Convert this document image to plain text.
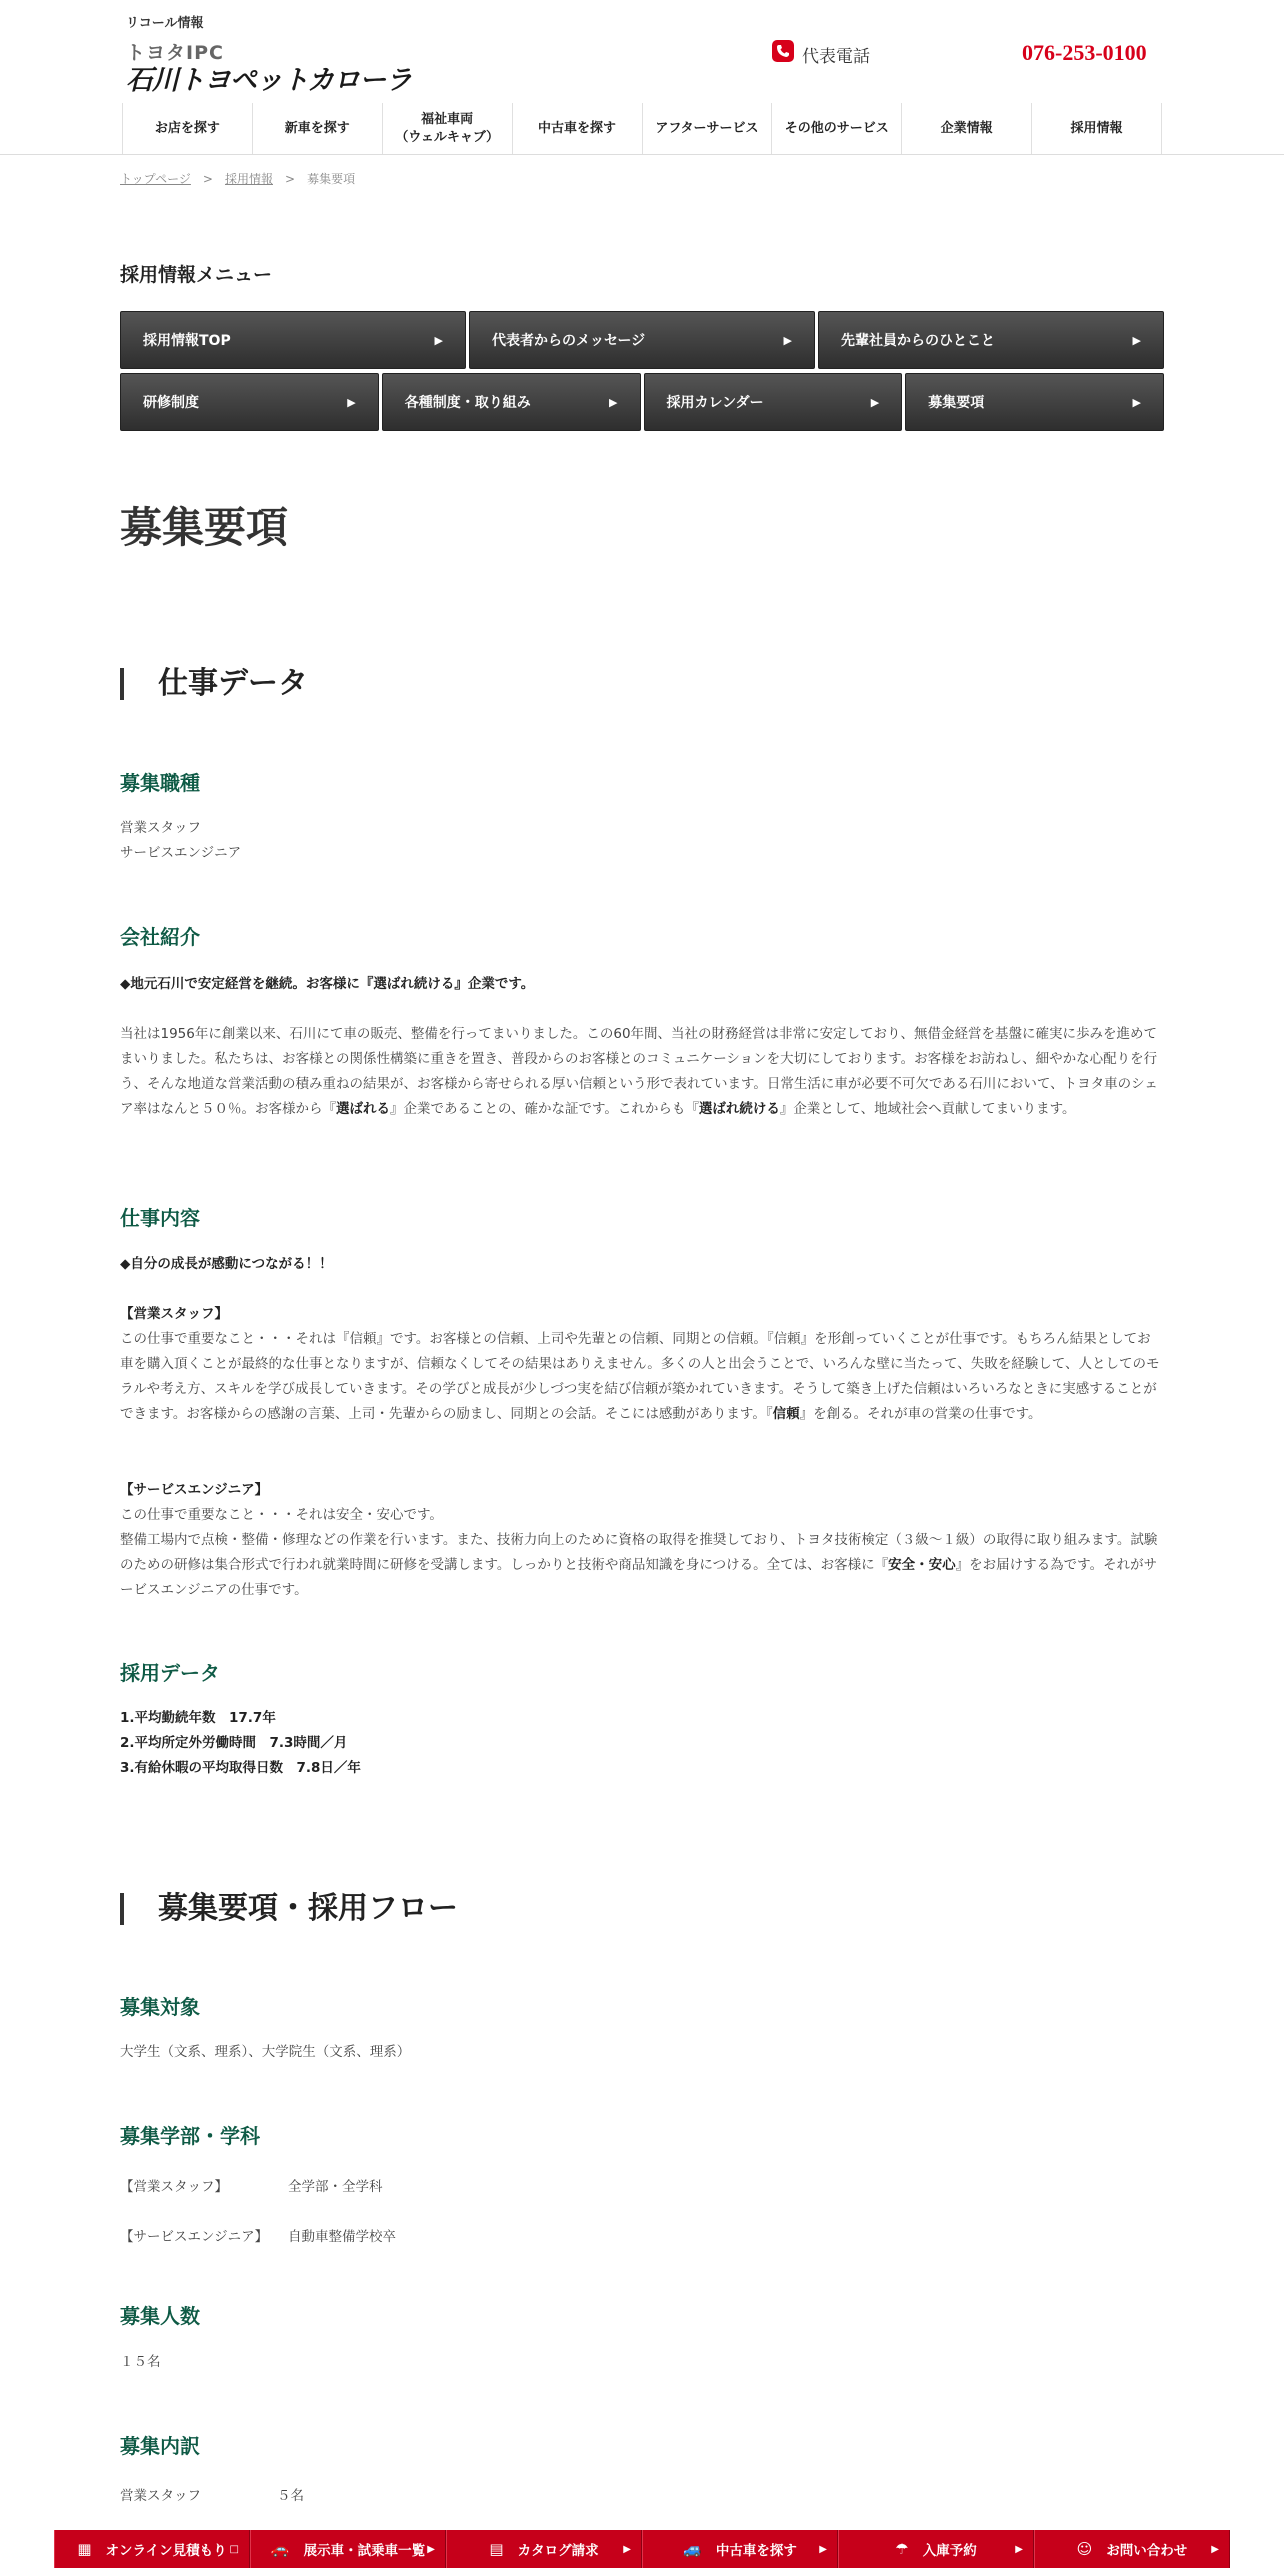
リコール情報
トヨタIPC
石川トヨペットカローラ
代表電話	076-253-0100
お店を探す	新車を探す
福祉車両
（ウェルキャブ）
中古車を探す	アフターサービス	その他のサービス	企業情報	採用情報
トップページ > 採用情報 > 募集要項
採用情報メニュー
採用情報TOP	▶	代表者からのメッセージ	▶	先輩社員からのひとこと	▶
研修制度	▶	各種制度・取り組み	▶	採用カレンダー	▶	募集要項	▶
募集要項
仕事データ
募集職種
営業スタッフ
サービスエンジニア
会社紹介
◆地元石川で安定経営を継続。お客様に『選ばれ続ける』企業です。
当社は1956年に創業以来、石川にて車の販売、整備を行ってまいりました。この60年間、当社の財務経営は非常に安定しており、無借金経営を基盤に確実に歩みを進めてまいりました。私たちは、お客様との関係性構築に重きを置き、普段からのお客様とのコミュニケーションを大切にしております。お客様をお訪ねし、細やかな心配りを行う、そんな地道な営業活動の積み重ねの結果が、お客様から寄せられる厚い信頼という形で表れています。日常生活に車が必要不可欠である石川において、トヨタ車のシェア率はなんと５０％。お客様から『選ばれる』企業であることの、確かな証です。これからも『選ばれ続ける』企業として、地域社会へ貢献してまいります。
仕事内容
◆自分の成長が感動につながる！！
【営業スタッフ】
この仕事で重要なこと・・・それは『信頼』です。お客様との信頼、上司や先輩との信頼、同期との信頼。『信頼』を形創っていくことが仕事です。もちろん結果としてお車を購入頂くことが最終的な仕事となりますが、信頼なくしてその結果はありえません。多くの人と出会うことで、いろんな壁に当たって、失敗を経験して、人としてのモラルや考え方、スキルを学び成長していきます。その学びと成長が少しづつ実を結び信頼が築かれていきます。そうして築き上げた信頼はいろいろなときに実感することができます。お客様からの感謝の言葉、上司・先輩からの励まし、同期との会話。そこには感動があります。『信頼』を創る。それが車の営業の仕事です。
【サービスエンジニア】
この仕事で重要なこと・・・それは安全・安心です。
整備工場内で点検・整備・修理などの作業を行います。また、技術力向上のために資格の取得を推奨しており、トヨタ技術検定（３級～１級）の取得に取り組みます。試験のための研修は集合形式で行われ就業時間に研修を受講します。しっかりと技術や商品知識を身につける。全ては、お客様に『安全・安心』をお届けする為です。それがサービスエンジニアの仕事です。
採用データ
1.平均勤続年数　17.7年
2.平均所定外労働時間　7.3時間／月
3.有給休暇の平均取得日数　7.8日／年
募集要項・採用フロー
募集対象
大学生（文系、理系）、大学院生（文系、理系）
募集学部・学科
【営業スタッフ】	全学部・全学科
【サービスエンジニア】 自動車整備学校卒
募集人数
１５名
募集内訳
営業スタッフ	５名
▦ オンライン見積もり □ 🚗 展示車・試乗車一覧 ▶	▤ カタログ請求 ▶	🚙 中古車を探す ▶	☂ 入庫予約	▶	☺ お問い合わせ ▶
